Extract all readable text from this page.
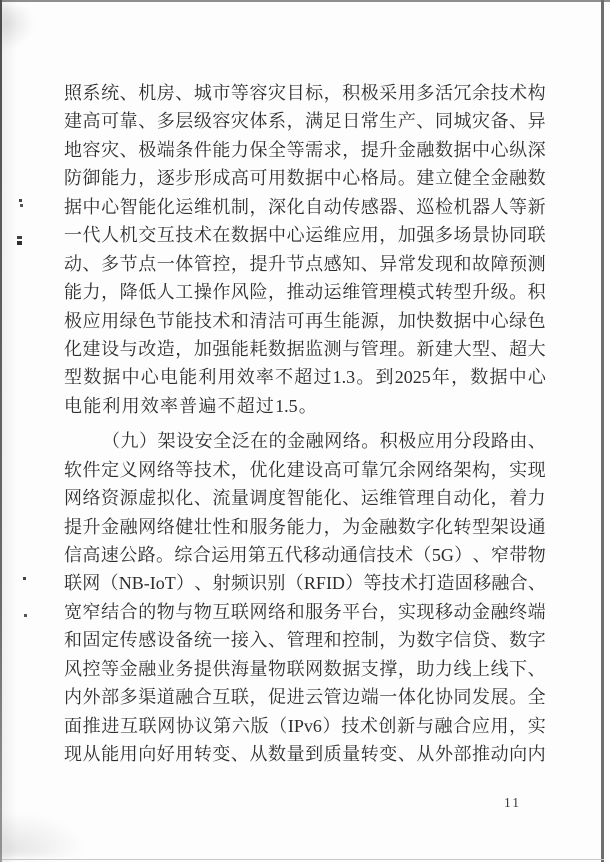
照 系 统 、 机 房 、 城 市 等 容 灾 目 标 ， 积 极 采 用 多 活 冗 余 技 术 构
建 高 可 靠 、 多 层 级 容 灾 体 系 ， 满 足 日 常 生 产 、 同 城 灾 备 、 异
地 容 灾 、 极 端 条 件 能 力 保 全 等 需 求 ， 提 升 金 融 数 据 中 心 纵 深
防 御 能 力 ， 逐 步 形 成 高 可 用 数 据 中 心 格 局 。 建 立 健 全 金 融 数
据 中 心 智 能 化 运 维 机 制 ， 深 化 自 动 传 感 器 、 巡 检 机 器 人 等 新
一 代 人 机 交 互 技 术 在 数 据 中 心 运 维 应 用 ， 加 强 多 场 景 协 同 联
动 、 多 节 点 一 体 管 控 ， 提 升 节 点 感 知 、 异 常 发 现 和 故 障 预 测
能 力 ， 降 低 人 工 操 作 风 险 ， 推 动 运 维 管 理 模 式 转 型 升 级 。 积
极 应 用 绿 色 节 能 技 术 和 清 洁 可 再 生 能 源 ， 加 快 数 据 中 心 绿 色
化 建 设 与 改 造 ， 加 强 能 耗 数 据 监 测 与 管 理 。 新 建 大 型 、 超 大
型 数 据 中 心 电 能 利 用 效 率 不 超 过 1.3 。 到 2025 年 ， 数 据 中 心
电 能 利 用 效 率 普 遍 不 超 过 1.5 。
（ 九 ） 架 设 安 全 泛 在 的 金 融 网 络 。 积 极 应 用 分 段 路 由 、
软 件 定 义 网 络 等 技 术 ， 优 化 建 设 高 可 靠 冗 余 网 络 架 构 ， 实 现
网 络 资 源 虚 拟 化 、 流 量 调 度 智 能 化 、 运 维 管 理 自 动 化 ， 着 力
提 升 金 融 网 络 健 壮 性 和 服 务 能 力 ， 为 金 融 数 字 化 转 型 架 设 通
信 高 速 公 路 。 综 合 运 用 第 五 代 移 动 通 信 技 术 （ 5G ） 、 窄 带 物
联 网 （ NB-IoT ） 、 射 频 识 别 （ RFID ） 等 技 术 打 造 固 移 融 合 、
宽 窄 结 合 的 物 与 物 互 联 网 络 和 服 务 平 台 ， 实 现 移 动 金 融 终 端
和 固 定 传 感 设 备 统 一 接 入 、 管 理 和 控 制 ， 为 数 字 信 贷 、 数 字
风 控 等 金 融 业 务 提 供 海 量 物 联 网 数 据 支 撑 ， 助 力 线 上 线 下 、
内 外 部 多 渠 道 融 合 互 联 ， 促 进 云 管 边 端 一 体 化 协 同 发 展 。 全
面 推 进 互 联 网 协 议 第 六 版 （ IPv6 ） 技 术 创 新 与 融 合 应 用 ， 实
现 从 能 用 向 好 用 转 变 、 从 数 量 到 质 量 转 变 、 从 外 部 推 动 向 内
11
